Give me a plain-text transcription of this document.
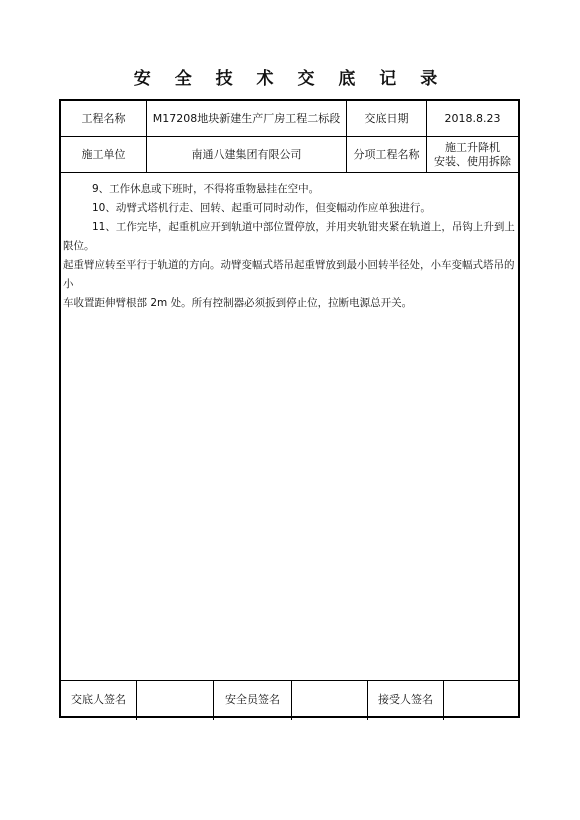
安 全 技 术 交 底 记 录
工程名称	M17208地块新建生产厂房工程二标段	交底日期	2018.8.23
施工单位	南通八建集团有限公司	分项工程名称
施工升降机
安装、使用拆除

9、工作休息或下班时，不得将重物悬挂在空中。

10、动臂式塔机行走、回转、起重可同时动作，但变幅动作应单独进行。

11、工作完毕，起重机应开到轨道中部位置停放，并用夹轨钳夹紧在轨道上，吊钩上升到上限位。

起重臂应转至平行于轨道的方向。动臂变幅式塔吊起重臂放到最小回转半径处，小车变幅式塔吊的小

车收置距伸臂根部 2m 处。所有控制器必须扳到停止位，拉断电源总开关。

交底人签名	安全员签名	接受人签名
